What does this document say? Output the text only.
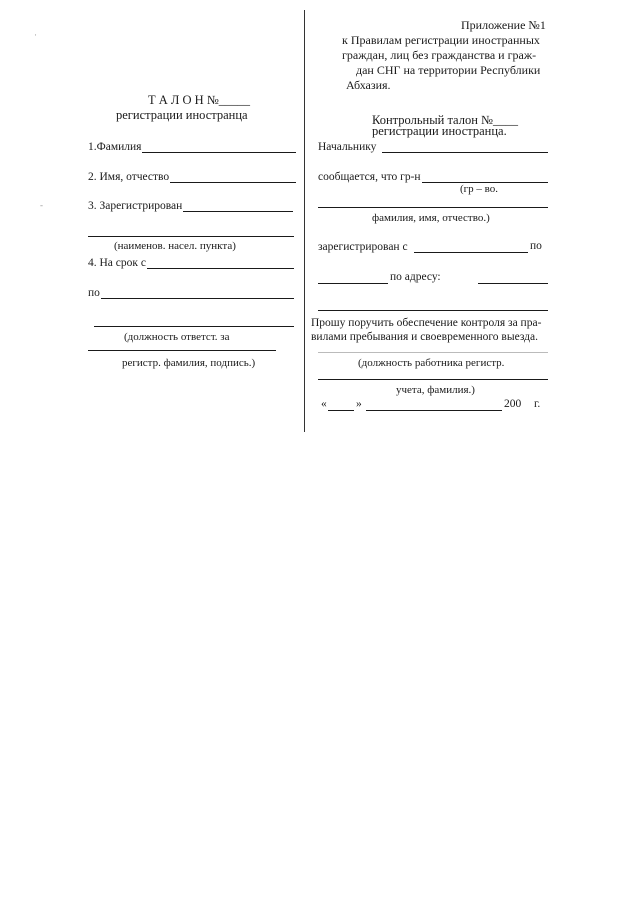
·
-
Приложение №1
к Правилам регистрации иностранных
граждан, лиц без гражданства и граж-
дан СНГ на территории Республики
Абхазия.
Т А Л О Н №_____
регистрации иностранца
1.Фамилия
2. Имя, отчество
3. Зарегистрирован
(наименов. насел. пункта)
4. На срок с
по
(должность ответст. за
регистр. фамилия, подпись.)
Контрольный талон №____
регистрации иностранца.
Начальнику
сообщается, что гр-н
(гр – во.
фамилия, имя, отчество.)
зарегистрирован с	по
по адресу:
Прошу поручить обеспечение контроля за пра-
вилами пребывания и своевременного выезда.
(должность работника регистр.
учета, фамилия.)
«	»	200 г.
